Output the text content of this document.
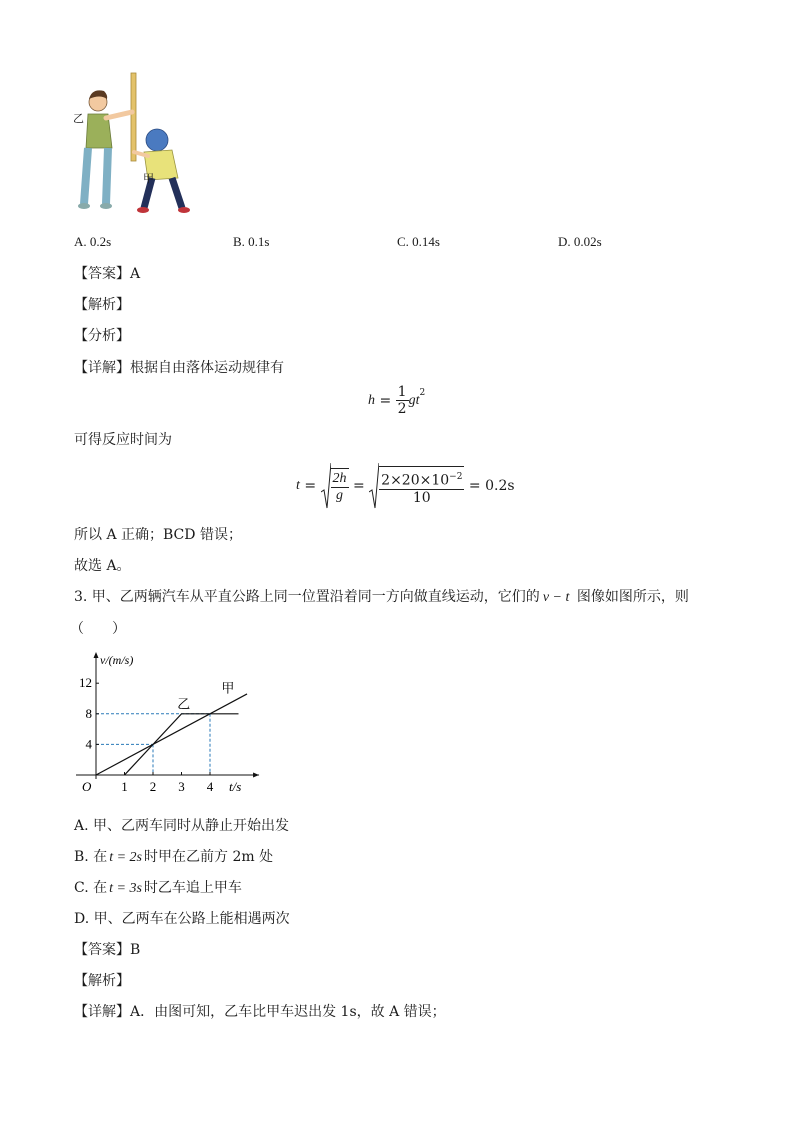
乙
甲
A. 0.2s	B. 0.1s	C. 0.14s	D. 0.02s
【答案】A
【解析】
【分析】
【详解】根据自由落体运动规律有
$h = \frac{1}{2} gt^2$
可得反应时间为
$t = \frac{2h}{g} = \frac{2\times 20\times 10^{-2}}{10} = 0.2s$
所以 A 正确；BCD 错误；
故选 A。
3. 甲、乙两辆汽车从平直公路上同一位置沿着同一方向做直线运动，它们的 v − t 图像如图所示，则
（　　）
1 2 3 4
4
8
12
O
v/(m/s)
t/s
甲
乙
A. 甲、乙两车同时从静止开始出发
B. 在 t = 2s 时甲在乙前方 2m 处
C. 在 t = 3s 时乙车追上甲车
D. 甲、乙两车在公路上能相遇两次
【答案】B
【解析】
【详解】A．由图可知，乙车比甲车迟出发 1s，故 A 错误；
